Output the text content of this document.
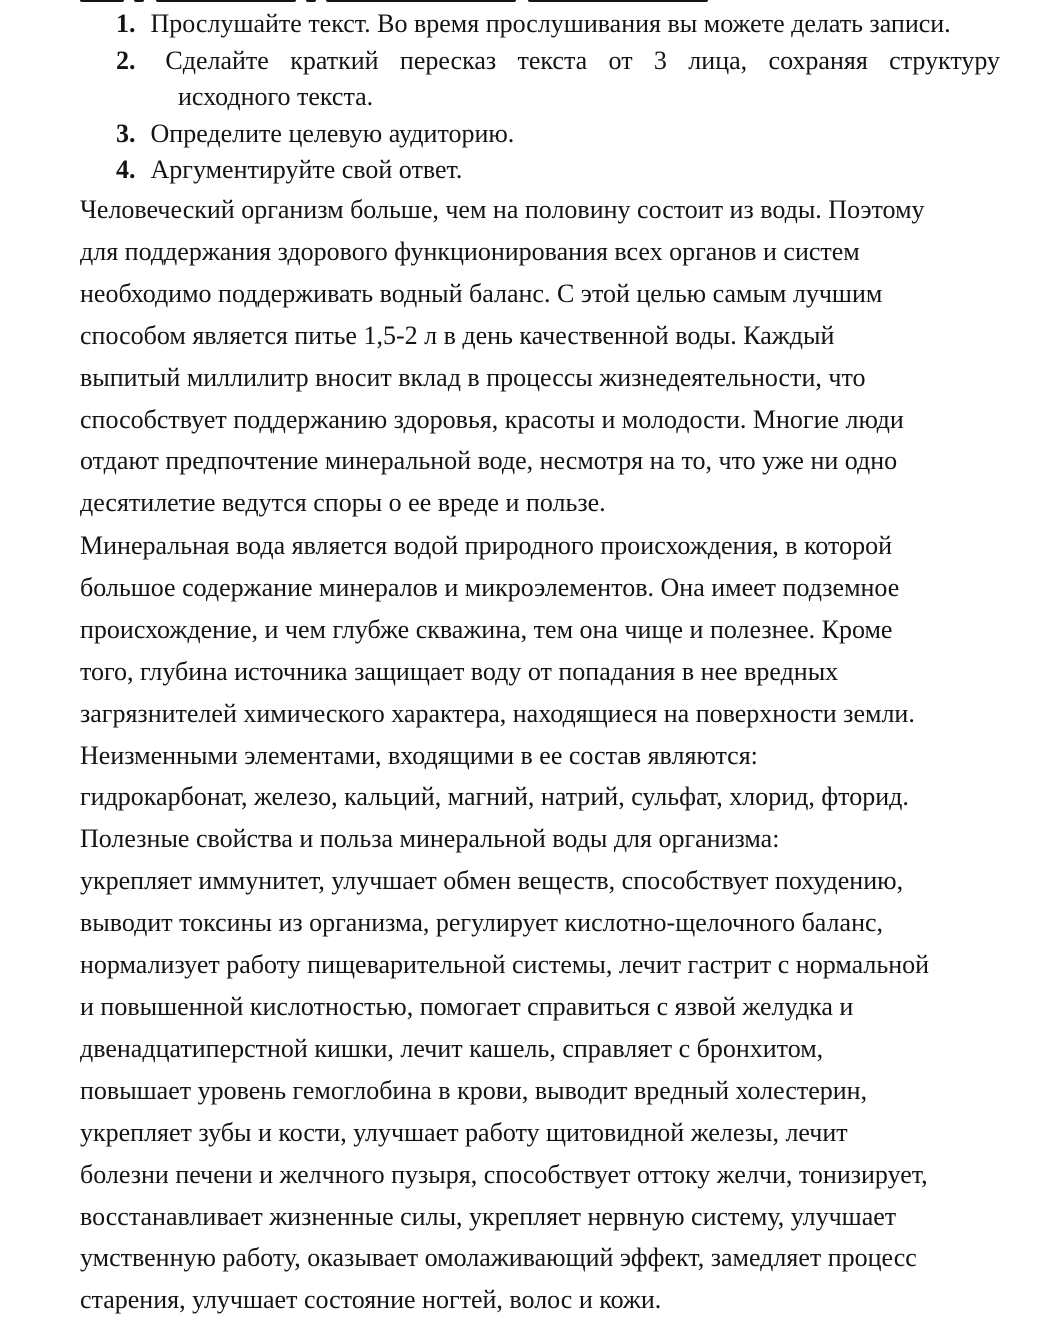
1. Прослушайте текст. Во время прослушивания вы можете делать записи.
2. Сделайте краткий пересказ текста от 3 лица, сохраняя структуру
исходного текста.
3. Определите целевую аудиторию.
4. Аргументируйте свой ответ.

Человеческий организм больше, чем на половину состоит из воды. Поэтому
для поддержания здорового функционирования всех органов и систем
необходимо поддерживать водный баланс. С этой целью самым лучшим
способом является питье 1,5-2 л в день качественной воды. Каждый
выпитый миллилитр вносит вклад в процессы жизнедеятельности, что
способствует поддержанию здоровья, красоты и молодости. Многие люди
отдают предпочтение минеральной воде, несмотря на то, что уже ни одно
десятилетие ведутся споры о ее вреде и пользе.

Минеральная вода является водой природного происхождения, в которой
большое содержание минералов и микроэлементов. Она имеет подземное
происхождение, и чем глубже скважина, тем она чище и полезнее. Кроме
того, глубина источника защищает воду от попадания в нее вредных
загрязнителей химического характера, находящиеся на поверхности земли.
Неизменными элементами, входящими в ее состав являются:
гидрокарбонат, железо, кальций, магний, натрий, сульфат, хлорид, фторид.
Полезные свойства и польза минеральной воды для организма:
укрепляет иммунитет, улучшает обмен веществ, способствует похудению,
выводит токсины из организма, регулирует кислотно-щелочного баланс,
нормализует работу пищеварительной системы, лечит гастрит с нормальной
и повышенной кислотностью, помогает справиться с язвой желудка и
двенадцатиперстной кишки, лечит кашель, справляет с бронхитом,
повышает уровень гемоглобина в крови, выводит вредный холестерин,
укрепляет зубы и кости, улучшает работу щитовидной железы, лечит
болезни печени и желчного пузыря, способствует оттоку желчи, тонизирует,
восстанавливает жизненные силы, укрепляет нервную систему, улучшает
умственную работу, оказывает омолаживающий эффект, замедляет процесс
старения, улучшает состояние ногтей, волос и кожи.
